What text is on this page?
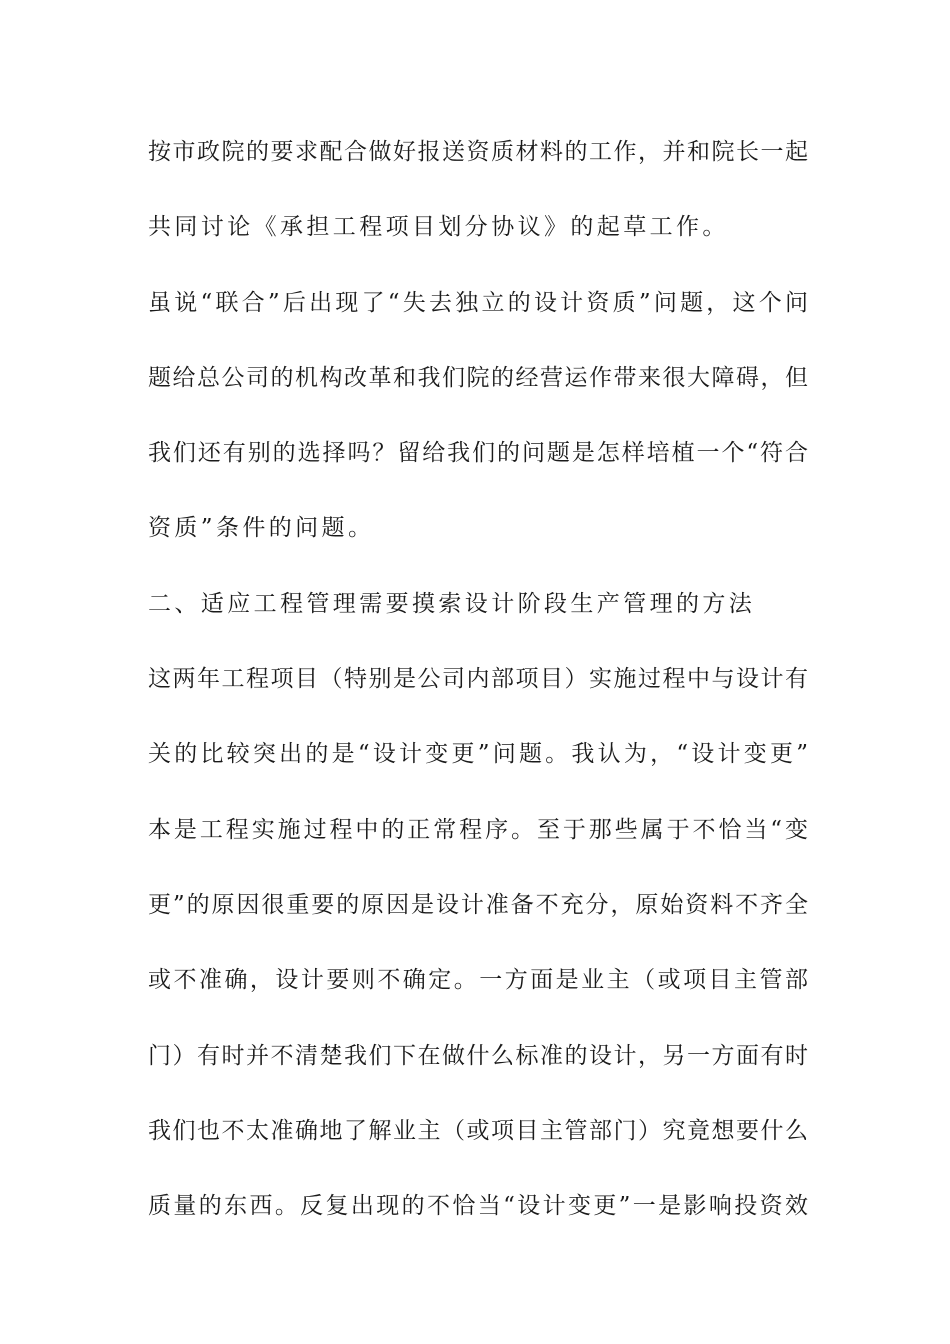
按市政院的要求配合做好报送资质材料的工作，并和院长一起
共同讨论《承担工程项目划分协议》的起草工作。
虽说“联合”后出现了“失去独立的设计资质”问题，这个问
题给总公司的机构改革和我们院的经营运作带来很大障碍，但
我们还有别的选择吗？留给我们的问题是怎样培植一个“符合
资质”条件的问题。
二、适应工程管理需要摸索设计阶段生产管理的方法
这两年工程项目（特别是公司内部项目）实施过程中与设计有
关的比较突出的是“设计变更”问题。我认为，“设计变更”
本是工程实施过程中的正常程序。至于那些属于不恰当“变
更”的原因很重要的原因是设计准备不充分，原始资料不齐全
或不准确，设计要则不确定。一方面是业主（或项目主管部
门）有时并不清楚我们下在做什么标准的设计，另一方面有时
我们也不太准确地了解业主（或项目主管部门）究竟想要什么
质量的东西。反复出现的不恰当“设计变更”一是影响投资效
